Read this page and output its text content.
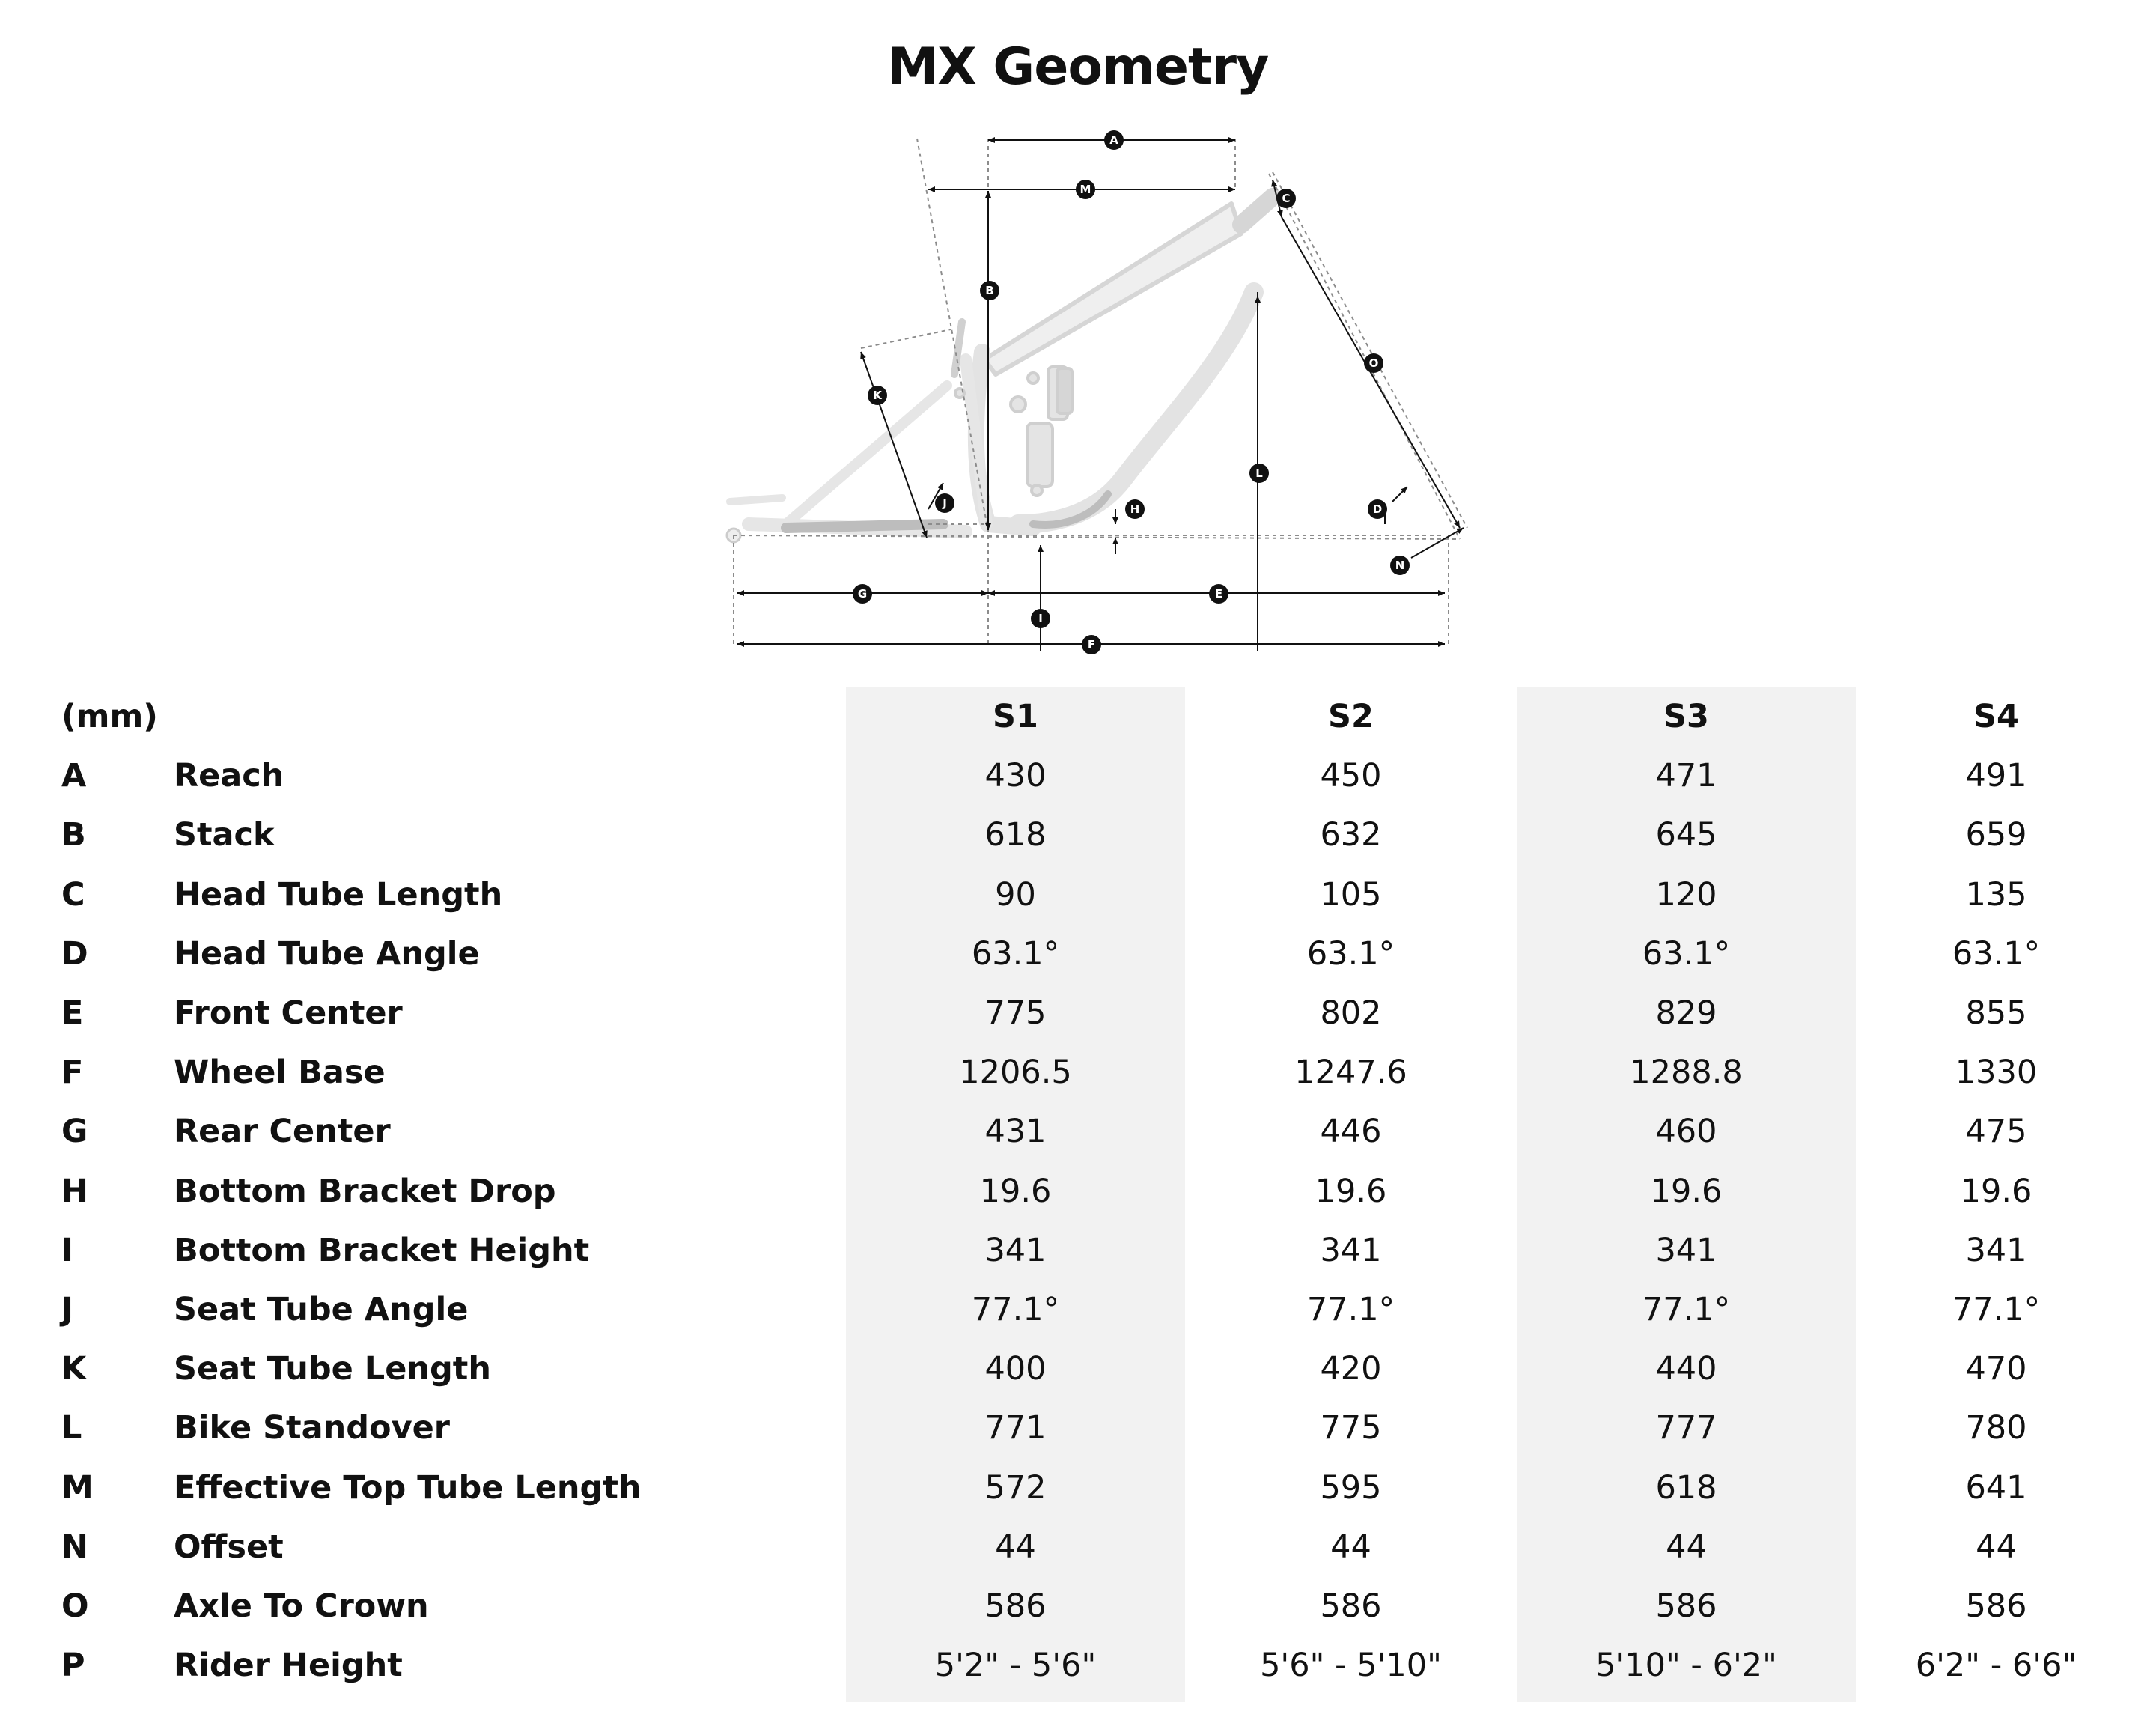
MX Geometry
A
M
C
B
K
O
L
J	H	D
N
G	E
I
F
(mm)	S1	S2	S3	S4
A	Reach	430	450	471	491
B	Stack	618	632	645	659
C	Head Tube Length	90	105	120	135
D	Head Tube Angle	63.1°	63.1°	63.1°	63.1°
E	Front Center	775	802	829	855
F	Wheel Base	1206.5	1247.6	1288.8	1330
G	Rear Center	431	446	460	475
H	Bottom Bracket Drop	19.6	19.6	19.6	19.6
I	Bottom Bracket Height	341	341	341	341
J	Seat Tube Angle	77.1°	77.1°	77.1°	77.1°
K	Seat Tube Length	400	420	440	470
L	Bike Standover	771	775	777	780
M Effective Top Tube Length	572	595	618	641
N	Offset	44	44	44	44
O	Axle To Crown	586	586	586	586
P	Rider Height	5'2" - 5'6"	5'6" - 5'10"	5'10" - 6'2"	6'2" - 6'6"
